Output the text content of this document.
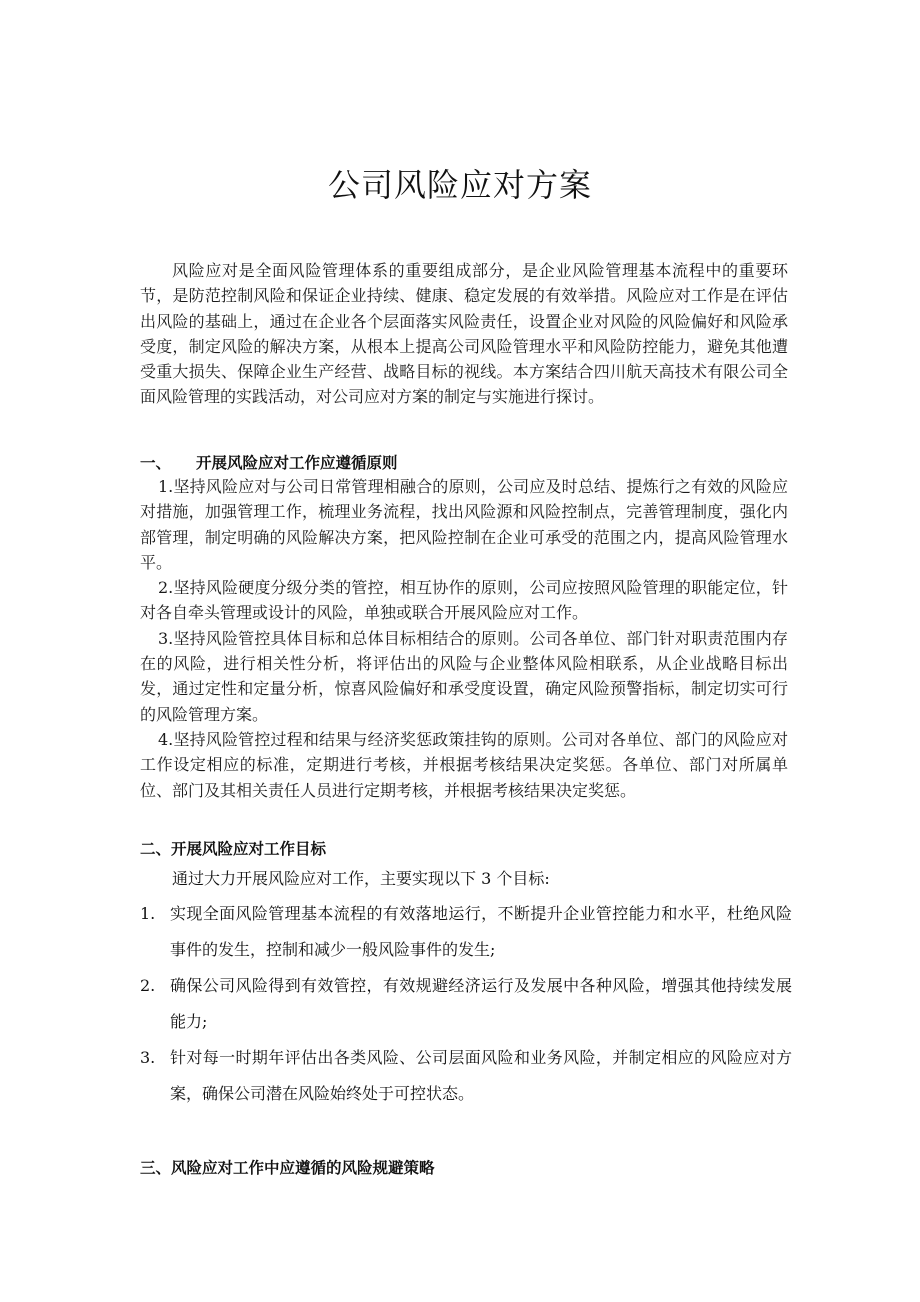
公司风险应对方案
风险应对是全面风险管理体系的重要组成部分，是企业风险管理基本流程中的重要环节，是防范控制风险和保证企业持续、健康、稳定发展的有效举措。风险应对工作是在评估出风险的基础上，通过在企业各个层面落实风险责任，设置企业对风险的风险偏好和风险承受度，制定风险的解决方案，从根本上提高公司风险管理水平和风险防控能力，避免其他遭受重大损失、保障企业生产经营、战略目标的视线。本方案结合四川航天高技术有限公司全面风险管理的实践活动，对公司应对方案的制定与实施进行探讨。
一、 开展风险应对工作应遵循原则

1.坚持风险应对与公司日常管理相融合的原则，公司应及时总结、提炼行之有效的风险应对措施，加强管理工作，梳理业务流程，找出风险源和风险控制点，完善管理制度，强化内部管理，制定明确的风险解决方案，把风险控制在企业可承受的范围之内，提高风险管理水平。

2.坚持风险硬度分级分类的管控，相互协作的原则，公司应按照风险管理的职能定位，针对各自牵头管理或设计的风险，单独或联合开展风险应对工作。

3.坚持风险管控具体目标和总体目标相结合的原则。公司各单位、部门针对职责范围内存在的风险，进行相关性分析，将评估出的风险与企业整体风险相联系，从企业战略目标出发，通过定性和定量分析，惊喜风险偏好和承受度设置，确定风险预警指标，制定切实可行的风险管理方案。

4.坚持风险管控过程和结果与经济奖惩政策挂钩的原则。公司对各单位、部门的风险应对工作设定相应的标准，定期进行考核，并根据考核结果决定奖惩。各单位、部门对所属单位、部门及其相关责任人员进行定期考核，并根据考核结果决定奖惩。

二、开展风险应对工作目标
通过大力开展风险应对工作，主要实现以下 3 个目标:
1. 实现全面风险管理基本流程的有效落地运行，不断提升企业管控能力和水平，杜绝风险事件的发生，控制和减少一般风险事件的发生;
2. 确保公司风险得到有效管控，有效规避经济运行及发展中各种风险，增强其他持续发展能力;
3. 针对每一时期年评估出各类风险、公司层面风险和业务风险，并制定相应的风险应对方案，确保公司潜在风险始终处于可控状态。
三、风险应对工作中应遵循的风险规避策略
